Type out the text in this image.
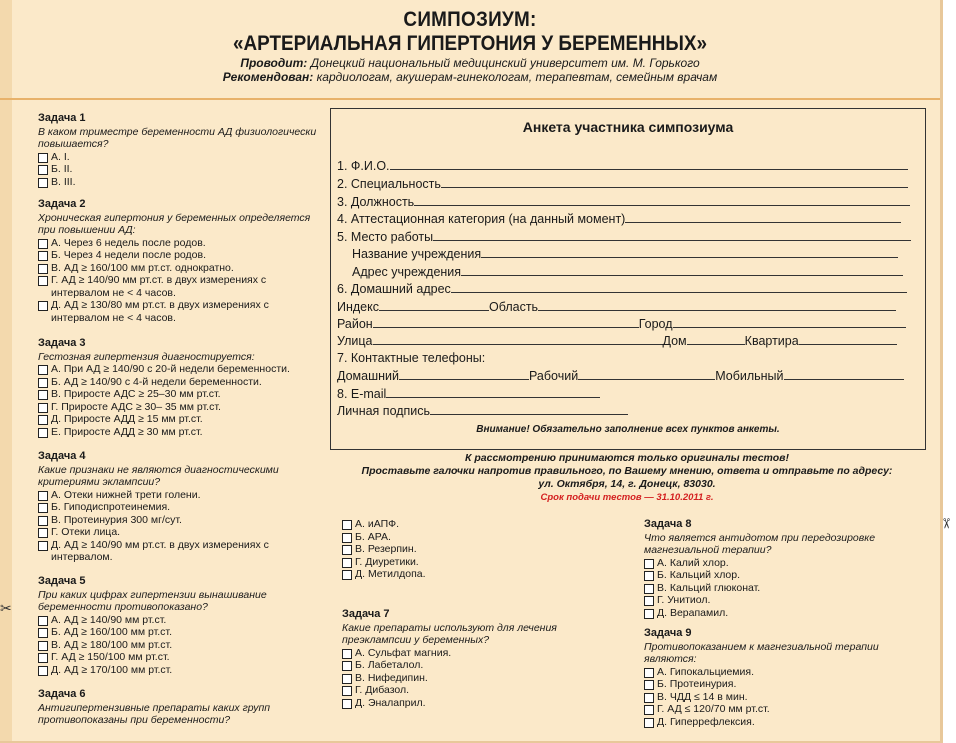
СИМПОЗИУМ:
«АРТЕРИАЛЬНАЯ ГИПЕРТОНИЯ У БЕРЕМЕННЫХ»
Проводит: Донецкий национальный медицинский университет им. М. Горького
Рекомендован: кардиологам, акушерам-гинекологам, терапевтам, семейным врачам
Задача 1
В каком триместре беременности АД физиологически повышается?
А. I.
Б. II.
В. III.
Задача 2
Хроническая гипертония у беременных определяется при повышении АД:
А. Через 6 недель после родов.
Б. Через 4 недели после родов.
В. АД ≥ 160/100 мм рт.ст. однократно.
Г. АД ≥ 140/90 мм рт.ст. в двух измерениях с интервалом не < 4 часов.
Д. АД ≥ 130/80 мм рт.ст. в двух измерениях с интервалом не < 4 часов.
Задача 3
Гестозная гипертензия диагностируется:
А. При АД ≥ 140/90 с 20-й недели беременности.
Б. АД ≥ 140/90 с 4-й недели беременности.
В. Приросте АДС ≥ 25–30 мм рт.ст.
Г. Приросте АДС ≥ 30– 35 мм рт.ст.
Д. Приросте АДД ≥ 15 мм рт.ст.
Е. Приросте АДД ≥ 30 мм рт.ст.
Задача 4
Какие признаки не являются диагностическими критериями эклампсии?
А. Отеки нижней трети голени.
Б. Гиподиспротеинемия.
В. Протеинурия 300 мг/сут.
Г. Отеки лица.
Д. АД ≥ 140/90 мм рт.ст. в двух измерениях с интервалом.
Задача 5
При каких цифрах гипертензии вынашивание беременности противопоказано?
А. АД ≥ 140/90 мм рт.ст.
Б. АД ≥ 160/100 мм рт.ст.
В. АД ≥ 180/100 мм рт.ст.
Г. АД ≥ 150/100 мм рт.ст.
Д. АД ≥ 170/100 мм рт.ст.
Задача 6
Антигипертензивные препараты каких групп противопоказаны при беременности?
А. иАПФ.
Б. АРА.
В. Резерпин.
Г. Диуретики.
Д. Метилдопа.
Задача 7
Какие препараты используют для лечения преэклампсии у беременных?
А. Сульфат магния.
Б. Лабеталол.
В. Нифедипин.
Г. Дибазол.
Д. Эналаприл.
Задача 8
Что является антидотом при передозировке магнезиальной терапии?
А. Калий хлор.
Б. Кальций хлор.
В. Кальций глюконат.
Г. Унитиол.
Д. Верапамил.
Задача 9
Противопоказанием к магнезиальной терапии являются:
А. Гипокальциемия.
Б. Протеинурия.
В. ЧДД ≤ 14 в мин.
Г. АД ≤ 120/70 мм рт.ст.
Д. Гиперрефлексия.
Анкета участника симпозиума
1. Ф.И.О.
2. Специальность
3. Должность
4. Аттестационная категория (на данный момент)
5. Место работы
Название учреждения
Адрес учреждения
6. Домашний адрес
Индекс	Область
Район	Город
Улица	Дом	Квартира
7. Контактные телефоны:
Домашний	Рабочий	Мобильный
8. E-mail
Личная подпись
Внимание! Обязательно заполнение всех пунктов анкеты.
К рассмотрению принимаются только оригиналы тестов!
Проставьте галочки напротив правильного, по Вашему мнению, ответа и отправьте по адресу:
ул. Октября, 14, г. Донецк, 83030.
Срок подачи тестов — 31.10.2011 г.
✂
✂
